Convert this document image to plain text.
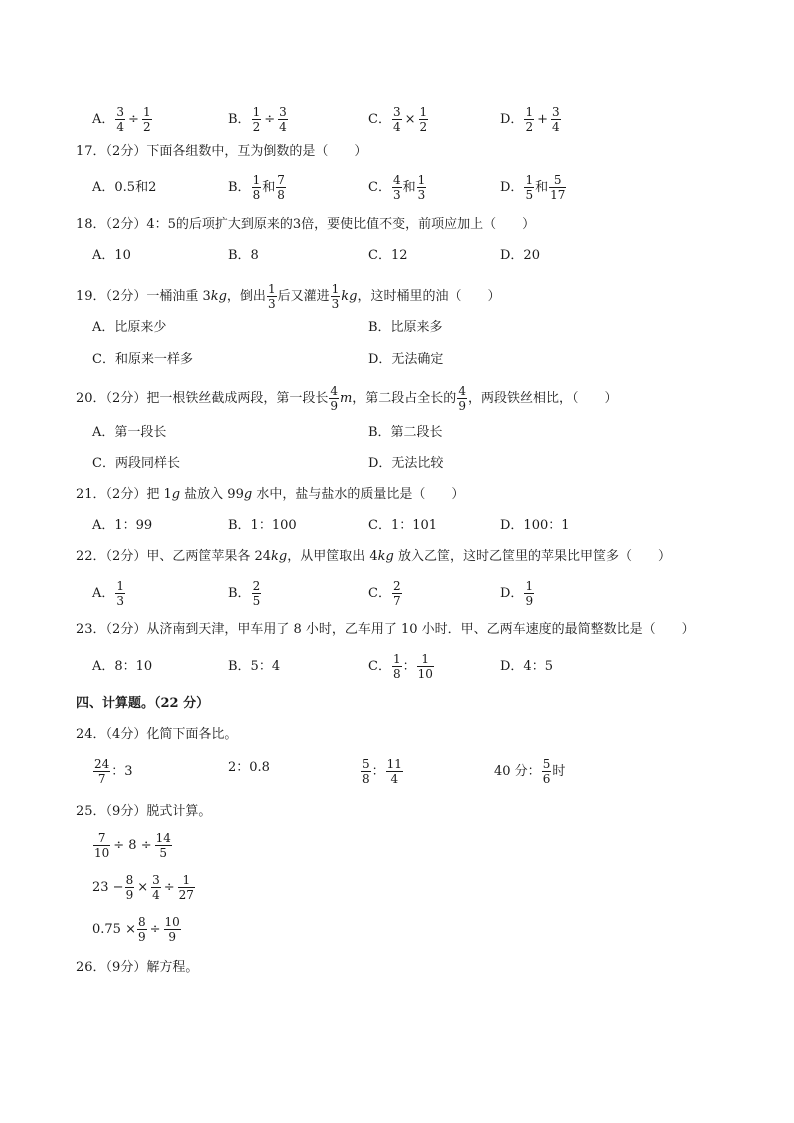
A． $\frac{3}{4} \div \frac{1}{2}$	B． $\frac{1}{2} \div \frac{3}{4}$	C． $\frac{3}{4} \times \frac{1}{2}$	D． $\frac{1}{2} + \frac{3}{4}$
17．（2分）下面各组数中，互为倒数的是（　　）
A．0.5和2	B． $\frac{1}{8}$ 和 $\frac{7}{8}$	C． $\frac{4}{3}$ 和 $\frac{1}{3}$	D． $\frac{1}{5}$ 和 $\frac{5}{17}$
18．（2分）4：5的后项扩大到原来的3倍，要使比值不变，前项应加上（　　）
A．10	B．8	C．12	D．20
19．（2分）一桶油重 3kg，倒出 $\frac{1}{3}$ 后又灌进 $\frac{1}{3}$ kg，这时桶里的油（　　）
A．比原来少	B．比原来多
C．和原来一样多	D．无法确定
20．（2分）把一根铁丝截成两段，第一段长 $\frac{4}{9}$ m，第二段占全长的 $\frac{4}{9}$ ，两段铁丝相比，（　　）
A．第一段长	B．第二段长
C．两段同样长	D．无法比较
21．（2分）把 1g 盐放入 99g 水中，盐与盐水的质量比是（　　）
A．1：99	B．1：100	C．1：101	D．100：1
22．（2分）甲、乙两筐苹果各 24kg，从甲筐取出 4kg 放入乙筐，这时乙筐里的苹果比甲筐多（　　）
A． $\frac{1}{3}$	B． $\frac{2}{5}$	C． $\frac{2}{7}$	D． $\frac{1}{9}$
23．（2分）从济南到天津，甲车用了 8 小时，乙车用了 10 小时．甲、乙两车速度的最简整数比是（　　）
A．8：10	B．5：4	C． $\frac{1}{8}$ ： $\frac{1}{10}$	D．4：5
四、计算题。（22 分）
24．（4分）化简下面各比。
$\frac{24}{7}$ ：3	2：0.8	$\frac{5}{8}$ ： $\frac{11}{4}$	40 分： $\frac{5}{6}$ 时
25．（9分）脱式计算。
$\frac{7}{10} \div 8 \div \frac{14}{5}$
$23 - \frac{8}{9} \times \frac{3}{4} \div \frac{1}{27}$
$0.75 \times \frac{8}{9} \div \frac{10}{9}$
26．（9分）解方程。
